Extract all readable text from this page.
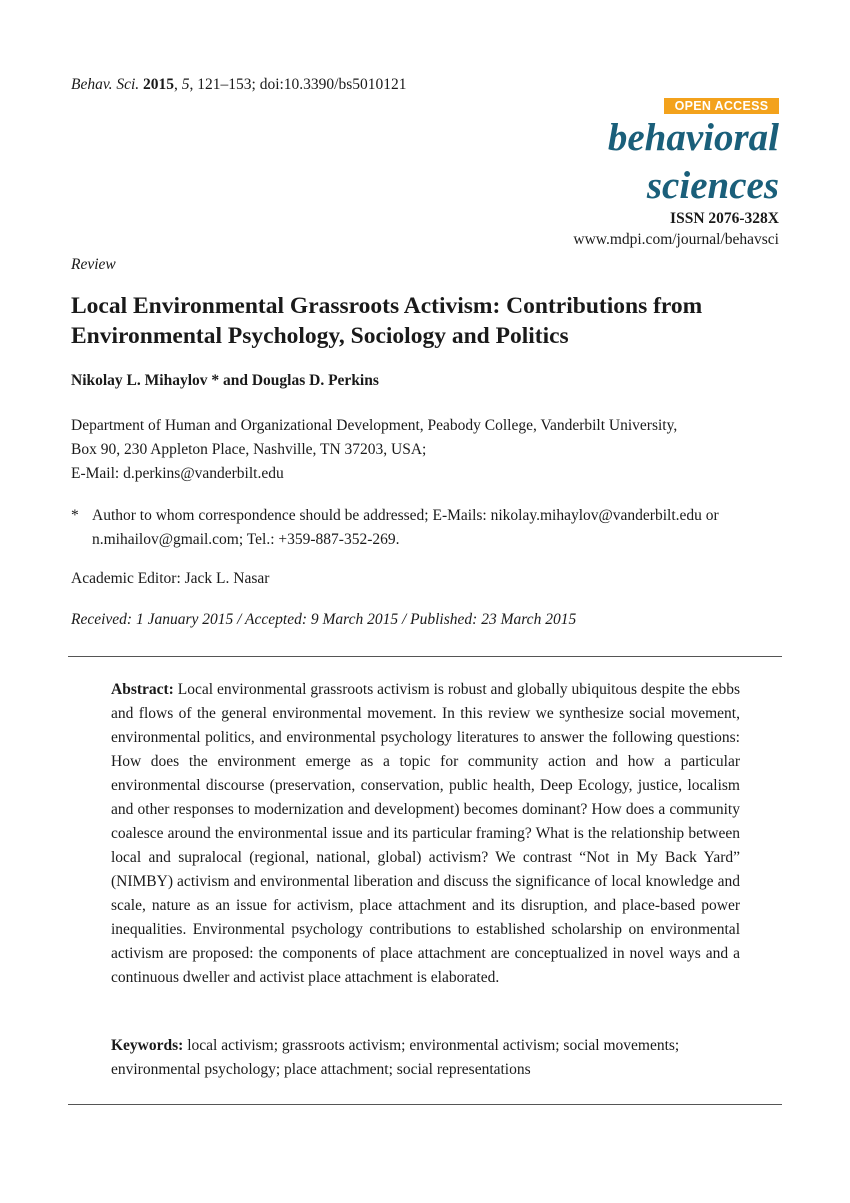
Behav. Sci. 2015, 5, 121–153; doi:10.3390/bs5010121
OPEN ACCESS
behavioral
sciences
ISSN 2076-328X
www.mdpi.com/journal/behavsci
Review
Local Environmental Grassroots Activism: Contributions from Environmental Psychology, Sociology and Politics
Nikolay L. Mihaylov * and Douglas D. Perkins
Department of Human and Organizational Development, Peabody College, Vanderbilt University,
Box 90, 230 Appleton Place, Nashville, TN 37203, USA;
E-Mail: d.perkins@vanderbilt.edu
* Author to whom correspondence should be addressed; E-Mails: nikolay.mihaylov@vanderbilt.edu or n.mihailov@gmail.com; Tel.: +359-887-352-269.
Academic Editor: Jack L. Nasar
Received: 1 January 2015 / Accepted: 9 March 2015 / Published: 23 March 2015
Abstract: Local environmental grassroots activism is robust and globally ubiquitous despite the ebbs and flows of the general environmental movement. In this review we synthesize social movement, environmental politics, and environmental psychology literatures to answer the following questions: How does the environment emerge as a topic for community action and how a particular environmental discourse (preservation, conservation, public health, Deep Ecology, justice, localism and other responses to modernization and development) becomes dominant? How does a community coalesce around the environmental issue and its particular framing? What is the relationship between local and supralocal (regional, national, global) activism? We contrast “Not in My Back Yard” (NIMBY) activism and environmental liberation and discuss the significance of local knowledge and scale, nature as an issue for activism, place attachment and its disruption, and place-based power inequalities. Environmental psychology contributions to established scholarship on environmental activism are proposed: the components of place attachment are conceptualized in novel ways and a continuous dweller and activist place attachment is elaborated.
Keywords: local activism; grassroots activism; environmental activism; social movements; environmental psychology; place attachment; social representations
